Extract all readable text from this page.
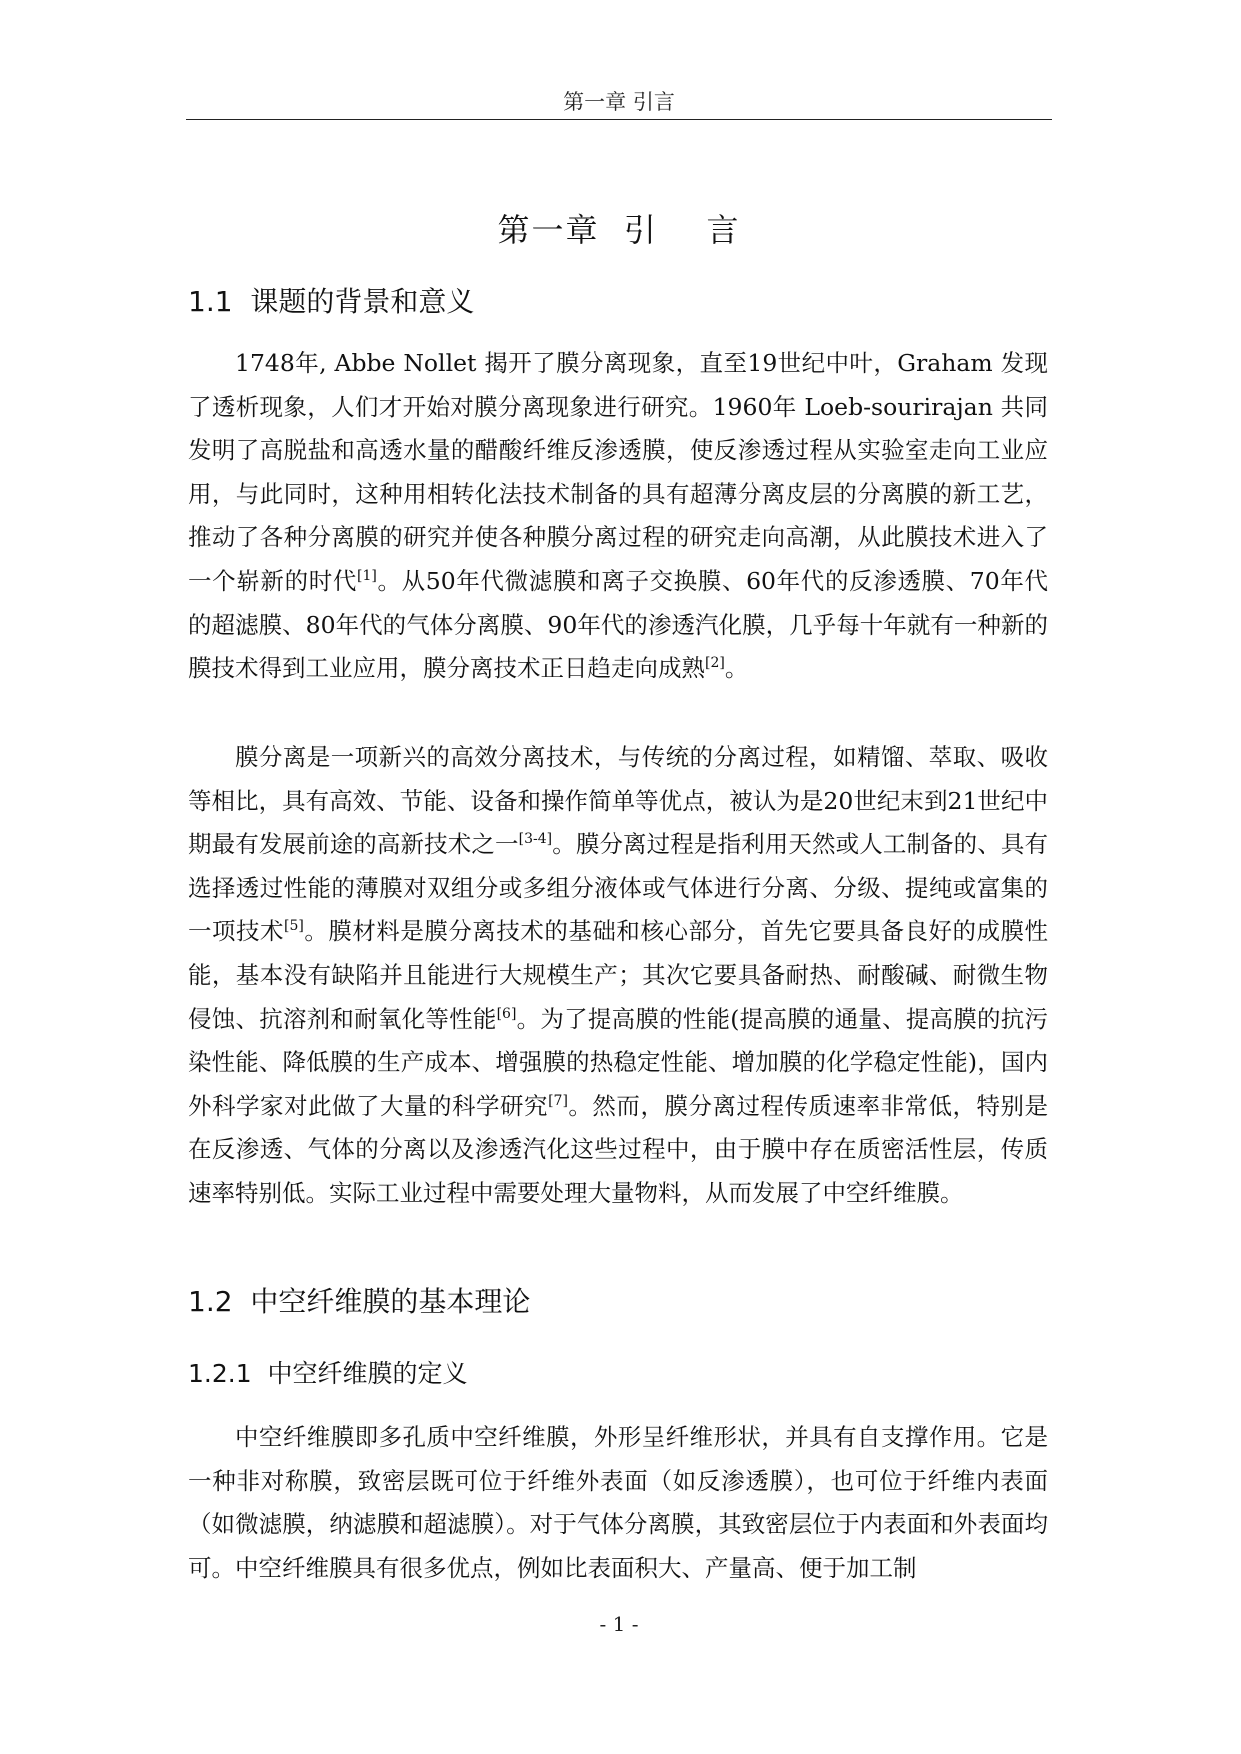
第一章 引言
第一章  引    言
1.1  课题的背景和意义

1748年, Abbe Nollet 揭开了膜分离现象，直至19世纪中叶，Graham 发现了透析现象，人们才开始对膜分离现象进行研究。1960年 Loeb-sourirajan 共同发明了高脱盐和高透水量的醋酸纤维反渗透膜，使反渗透过程从实验室走向工业应用，与此同时，这种用相转化法技术制备的具有超薄分离皮层的分离膜的新工艺，推动了各种分离膜的研究并使各种膜分离过程的研究走向高潮，从此膜技术进入了一个崭新的时代[1]。从50年代微滤膜和离子交换膜、60年代的反渗透膜、70年代的超滤膜、80年代的气体分离膜、90年代的渗透汽化膜，几乎每十年就有一种新的膜技术得到工业应用，膜分离技术正日趋走向成熟[2]。

膜分离是一项新兴的高效分离技术，与传统的分离过程，如精馏、萃取、吸收等相比，具有高效、节能、设备和操作简单等优点，被认为是20世纪末到21世纪中期最有发展前途的高新技术之一[3-4]。膜分离过程是指利用天然或人工制备的、具有选择透过性能的薄膜对双组分或多组分液体或气体进行分离、分级、提纯或富集的一项技术[5]。膜材料是膜分离技术的基础和核心部分，首先它要具备良好的成膜性能，基本没有缺陷并且能进行大规模生产；其次它要具备耐热、耐酸碱、耐微生物侵蚀、抗溶剂和耐氧化等性能[6]。为了提高膜的性能(提高膜的通量、提高膜的抗污染性能、降低膜的生产成本、增强膜的热稳定性能、增加膜的化学稳定性能)，国内外科学家对此做了大量的科学研究[7]。然而，膜分离过程传质速率非常低，特别是在反渗透、气体的分离以及渗透汽化这些过程中，由于膜中存在质密活性层，传质速率特别低。实际工业过程中需要处理大量物料，从而发展了中空纤维膜。

1.2  中空纤维膜的基本理论
1.2.1  中空纤维膜的定义

中空纤维膜即多孔质中空纤维膜，外形呈纤维形状，并具有自支撑作用。它是一种非对称膜，致密层既可位于纤维外表面（如反渗透膜），也可位于纤维内表面（如微滤膜，纳滤膜和超滤膜）。对于气体分离膜，其致密层位于内表面和外表面均可。中空纤维膜具有很多优点，例如比表面积大、产量高、便于加工制

- 1 -
